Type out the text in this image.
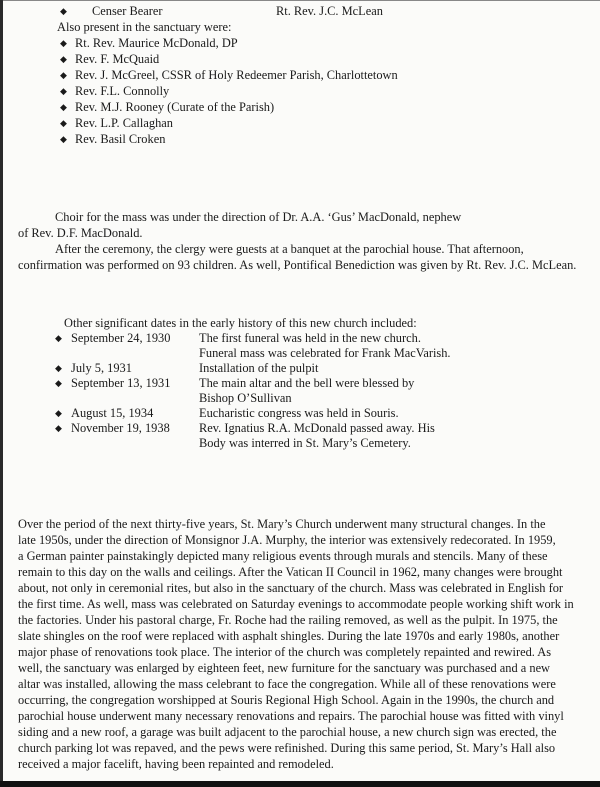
◆ Censer Bearer	Rt. Rev. J.C. McLean
Also present in the sanctuary were:
◆ Rt. Rev. Maurice McDonald, DP
◆ Rev. F. McQuaid
◆ Rev. J. McGreel, CSSR of Holy Redeemer Parish, Charlottetown
◆ Rev. F.L. Connolly
◆ Rev. M.J. Rooney (Curate of the Parish)
◆ Rev. L.P. Callaghan
◆ Rev. Basil Croken
Choir for the mass was under the direction of Dr. A.A. ‘Gus’ MacDonald, nephew
of Rev. D.F. MacDonald.
After the ceremony, the clergy were guests at a banquet at the parochial house. That afternoon,
confirmation was performed on 93 children. As well, Pontifical Benediction was given by Rt. Rev. J.C. McLean.
Other significant dates in the early history of this new church included:
◆ September 24, 1930 The first funeral was held in the new church.
Funeral mass was celebrated for Frank MacVarish.
◆ July 5, 1931	Installation of the pulpit
◆ September 13, 1931 The main altar and the bell were blessed by
Bishop O’Sullivan
◆ August 15, 1934	Eucharistic congress was held in Souris.
◆ November 19, 1938 Rev. Ignatius R.A. McDonald passed away. His
Body was interred in St. Mary’s Cemetery.
Over the period of the next thirty-five years, St. Mary’s Church underwent many structural changes. In the
late 1950s, under the direction of Monsignor J.A. Murphy, the interior was extensively redecorated. In 1959,
a German painter painstakingly depicted many religious events through murals and stencils. Many of these
remain to this day on the walls and ceilings. After the Vatican II Council in 1962, many changes were brought
about, not only in ceremonial rites, but also in the sanctuary of the church. Mass was celebrated in English for
the first time. As well, mass was celebrated on Saturday evenings to accommodate people working shift work in
the factories. Under his pastoral charge, Fr. Roche had the railing removed, as well as the pulpit. In 1975, the
slate shingles on the roof were replaced with asphalt shingles. During the late 1970s and early 1980s, another
major phase of renovations took place. The interior of the church was completely repainted and rewired. As
well, the sanctuary was enlarged by eighteen feet, new furniture for the sanctuary was purchased and a new
altar was installed, allowing the mass celebrant to face the congregation. While all of these renovations were
occurring, the congregation worshipped at Souris Regional High School. Again in the 1990s, the church and
parochial house underwent many necessary renovations and repairs. The parochial house was fitted with vinyl
siding and a new roof, a garage was built adjacent to the parochial house, a new church sign was erected, the
church parking lot was repaved, and the pews were refinished. During this same period, St. Mary’s Hall also
received a major facelift, having been repainted and remodeled.
